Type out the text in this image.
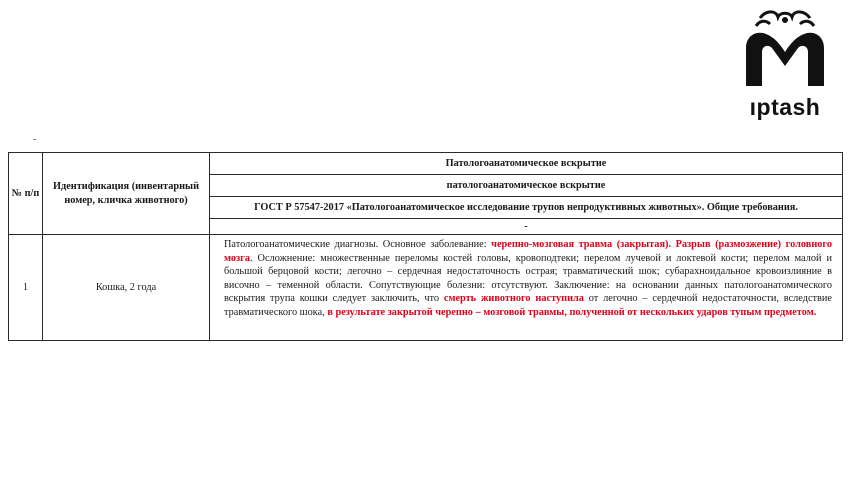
ıptash
-
№ п/п	Идентификация (инвентарный номер, кличка животного)	Патологоанатомическое вскрытие
		патологоанатомическое вскрытие
		ГОСТ Р 57547-2017 «Патологоанатомическое исследование трупов непродуктивных животных». Общие требования.
		-
1	Кошка, 2 года	Патологоанатомические диагнозы. Основное заболевание: черепно-мозговая травма (закрытая). Разрыв (размозжение) головного мозга. Осложнение: множественные переломы костей головы, кровоподтеки; перелом лучевой и локтевой кости; перелом малой и большой берцовой кости; легочно – сердечная недостаточность острая; травматический шок; субарахноидальное кровоизлияние в височно – теменной области. Сопутствующие болезни: отсутствуют. Заключение: на основании данных патологоанатомического вскрытия трупа кошки следует заключить, что смерть животного наступила от легочно – сердечной недостаточности, вследствие травматического шока, в результате закрытой черепно – мозговой травмы, полученной от нескольких ударов тупым предметом.
